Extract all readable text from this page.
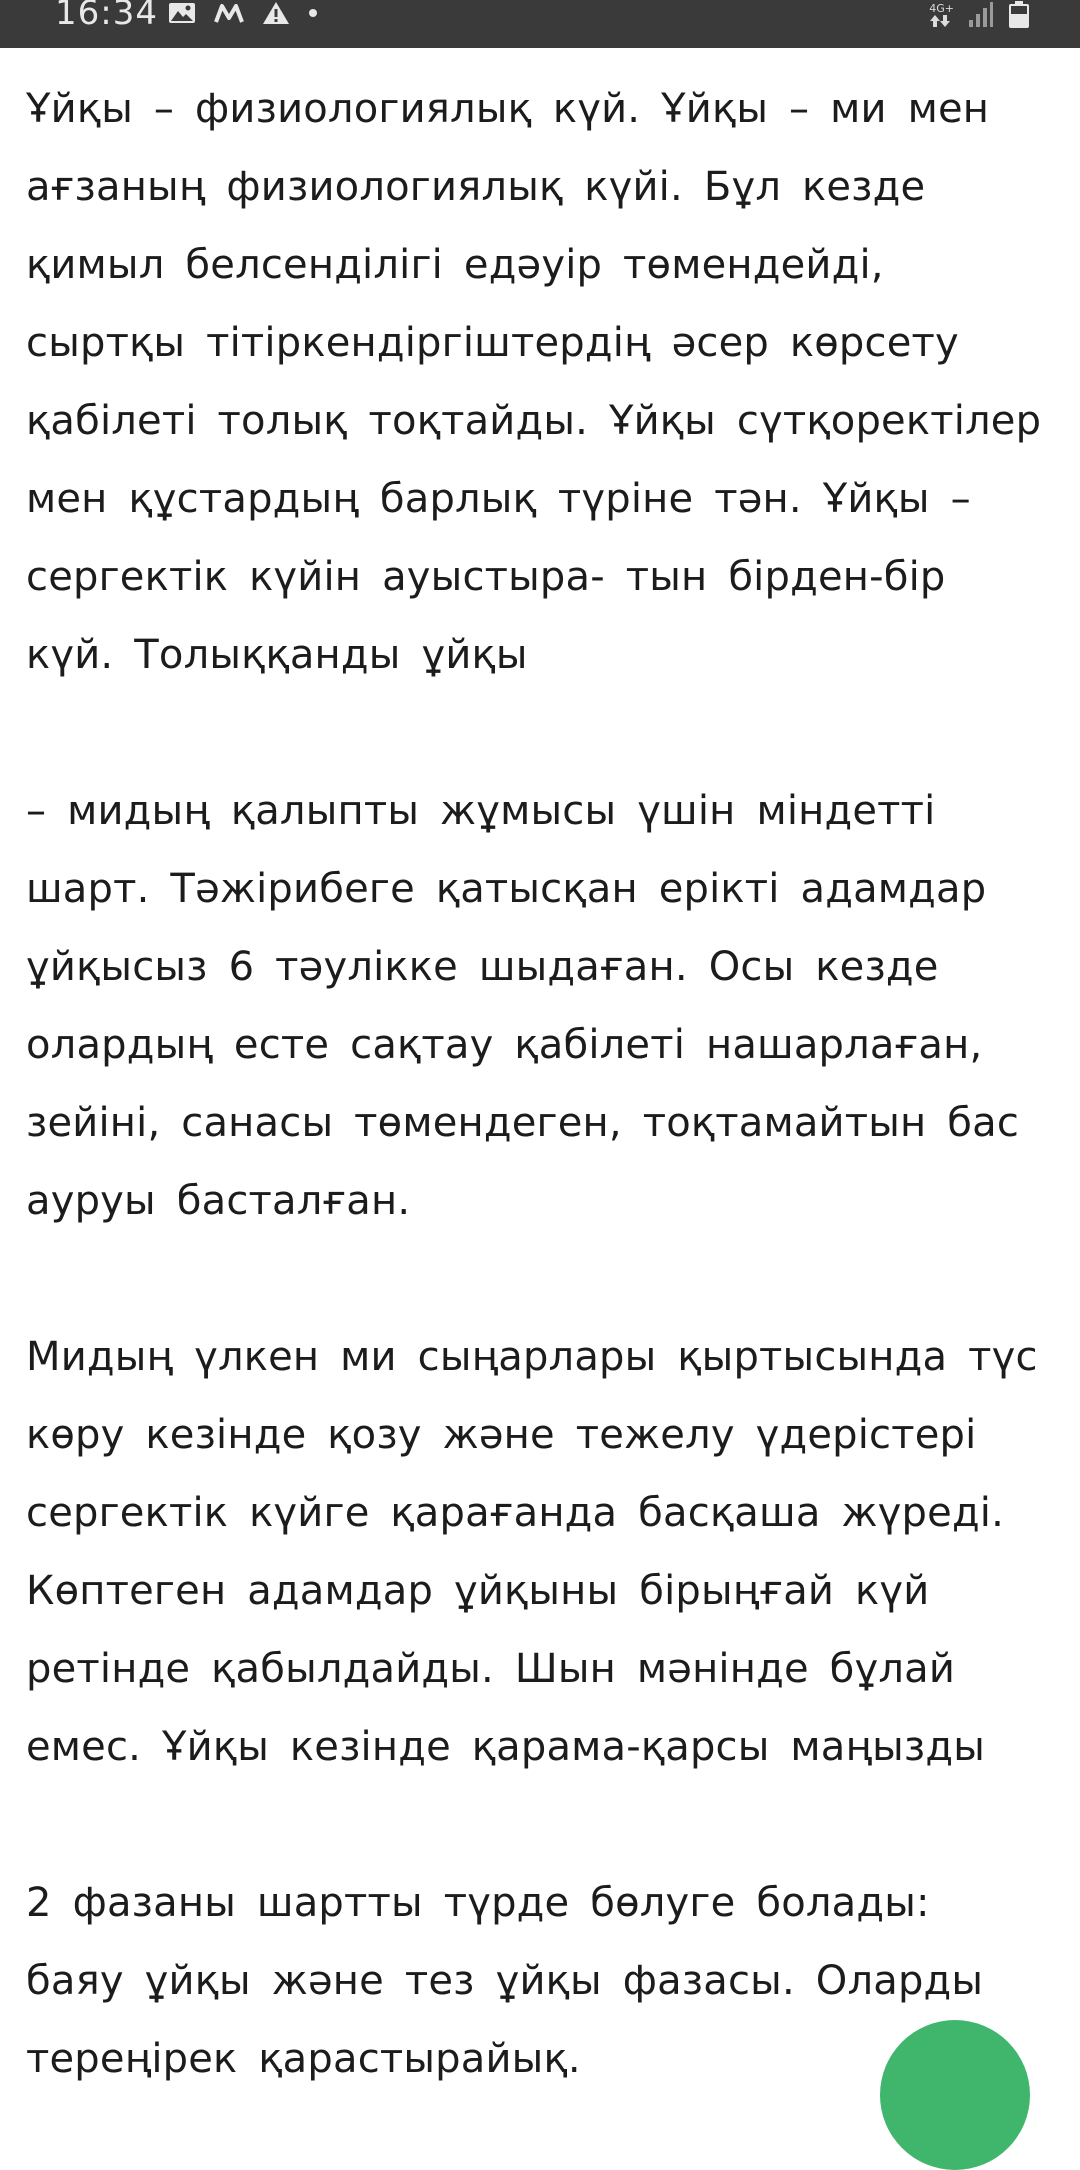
16:34	4G+

Ұйқы – физиологиялық күй. Ұйқы – ми мен ағзаның физиологиялық күйі. Бұл кезде қимыл белсенділігі едәуір төмендейді, сыртқы тітіркендіргіштердің әсер көрсету қабілеті толық тоқтайды. Ұйқы сүтқоректілер мен құстардың барлық түріне тән. Ұйқы – сергектік күйін ауыстыра- тын бірден-бір күй. Толыққанды ұйқы

– мидың қалыпты жұмысы үшін міндетті шарт. Тәжірибеге қатысқан ерікті адамдар ұйқысыз 6 тәулікке шыдаған. Осы кезде олардың есте сақтау қабілеті нашарлаған, зейіні, санасы төмендеген, тоқтамайтын бас ауруы басталған.

Мидың үлкен ми сыңарлары қыртысында түс көру кезінде қозу және тежелу үдерістері сергектік күйге қарағанда басқаша жүреді. Көптеген адамдар ұйқыны бірыңғай күй ретінде қабылдайды. Шын мәнінде бұлай емес. Ұйқы кезінде қарама-қарсы маңызды

2 фазаны шартты түрде бөлуге болады: баяу ұйқы және тез ұйқы фазасы. Оларды тереңірек қарастырайық.
